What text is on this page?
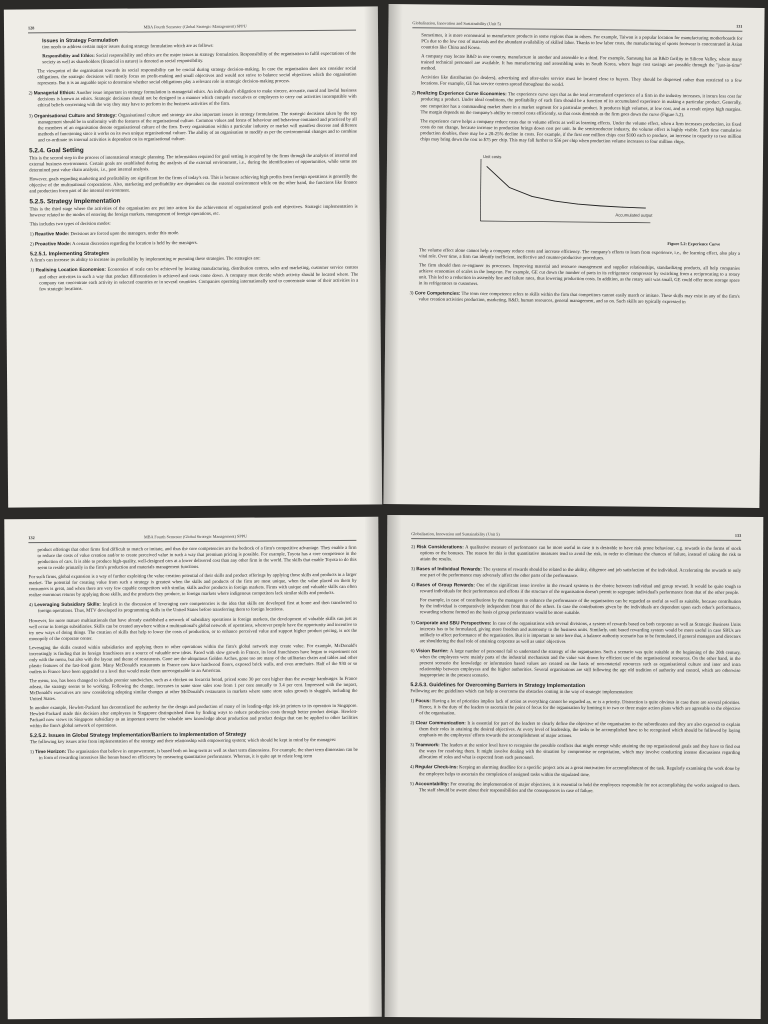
128	MBA Fourth Semester (Global Strategic Management) SPPU
Issues in Strategy Formulation

tion needs to address certain major issues during strategy formulation which are as follows:

Responsibility and Ethics: Social responsibility and ethics are the major issues in strategy formulation. Responsibility of the organisation to fulfil expectations of the society as well as shareholders (financial in nature) is denoted as social responsibility.

The viewpoint of the organisation towards its social responsibility can be crucial during strategy decision-making. In case the organisation does not consider social obligations, the strategic decisions will mostly focus on profit-making and small objectives and would not strive to balance social objectives which the organisation represents. But it is an arguable topic to determine whether social obligations play a relevant role in strategic decision-making process.

2) Managerial Ethics: Another issue important in strategy formulation is managerial ethics. An individual's obligation to make sincere, accurate, moral and lawful business decisions is known as ethics. Strategic decisions should not be designed in a manner which compels executives or employees to carry out activities incompatible with ethical beliefs concerning with the way they may have to perform in the business activities of the firm.

3) Organisational Culture and Strategy: Organisational culture and strategy are also important issues in strategy formulation. The strategic decisions taken by the top management should be in uniformity with the features of the organisational culture. Common values and forms of behaviour and behaviour contained and practiced by all the members of an organisation denote organisational culture of the firm. Every organisation within a particular industry or market will manifest discrete and different methods of functioning since it works on its own unique organisational culture. The ability of an organisation to modify as per the environmental changes and to combine and co-ordinate its internal activities is dependent on its organisational culture.

5.2.4. Goal Setting

This is the second step in the process of international strategic planning. The information required for goal setting is acquired by the firms through the analysis of internal and external business environment. Certain goals are established during the analysis of the external environment, i.e., during the identification of opportunities, while some are determined post value chain analysis, i.e., post internal analysis.

However, goals regarding marketing and profitability are significant for the firms of today's era. This is because achieving high profits from foreign operations is generally the objective of the multinational corporations. Also, marketing and profitability are dependent on the external environment while on the other hand, the functions like finance and production form part of the internal environment.

5.2.5. Strategy Implementation

This is the third stage where the activities of the organisation are put into action for the achievement of organisational goals and objectives. Strategic implementation is however related to the modes of entering the foreign markets, management of foreign operations, etc.

This includes two types of decision modes:

1) Reactive Mode: Decisions are forced upon the managers, under this mode.

2) Proactive Mode: A certain discretion regarding the location is held by the managers.

5.2.5.1. Implementing Strategies

A firm's can increase its ability to increase its profitability by implementing or pursuing these strategies. The strategies are:

1) Realising Location Economies: Economies of scale can be achieved by locating manufacturing, distribution centres, sales and marketing, customer service centres and other activities in such a way that product differentiation is achieved and costs come down. A company must decide which activity should be located where. The company can concentrate each activity in selected countries or in several countries. Companies operating internationally tend to concentrate some of their activities in a few strategic locations.

Globalisation, Innovation and Sustainability (Unit 5)	131

Sometimes, it is more economical to manufacture products in some regions than in others. For example, Taiwan is a popular location for manufacturing motherboards for PCs due to the low cost of materials and the abundant availability of skilled labor. Thanks to low labor costs, the manufacturing of sports footwear is concentrated in Asian countries like China and Korea.

A company may locate R&D in one country, manufacture in another and assemble in a third. For example, Samsung has an R&D facility in Silicon Valley, where many trained technical personnel are available. It has manufacturing and assembling units in South Korea, where huge cost savings are possible through the "just-in-time" method.

Activities like distribution (to dealers), advertising and after-sales service must be located close to buyers. They should be dispersed rather than restricted to a few locations. For example, GE has service centres spread throughout the world.

2) Realizing Experience Curve Economies: The experience curve says that as the total accumulated experience of a firm in the industry increases, it incurs less cost for producing a product. Under ideal conditions, the profitability of each firm should be a function of its accumulated experience in making a particular product. Generally, one competitor has a commanding market share in a market segment for a particular product. It produces high volumes, at low cost, and as a result enjoys high margins. The margin depends on the company's ability to control costs efficiently, so that costs diminish as the firm goes down the curve (Figure 5.2).

The experience curve helps a company reduce costs due to volume effects as well as learning effects. Under the volume effect, when a firm increases production, its fixed costs do not change, because increase in production brings down cost per unit. In the semiconductor industry, the volume effect is highly visible. Each time cumulative production doubles, there may be a 20-25% decline in costs. For example, if the first one million chips cost $100 each to produce, an increase in capacity to two million chips may bring down the cost to $75 per chip. This may fall further to $56 per chip when production volume increases to four million chips.

Unit costs
Accumulated output
Figure 5.2: Experience Curve

The volume effect alone cannot help a company reduce costs and increase efficiency. The company's efforts to learn from experience, i.e., the learning effect, also play a vital role. Over time, a firm can identify inefficient, ineffective and counter-productive procedures.

The firm should then re-engineer its processes. Improving material and resource management and supplier relationships, standardizing products, all help companies achieve economies of scales in the long-run. For example, GE cut down the number of parts in its refrigerator compressor by switching from a reciprocating to a rotary unit. This led to a reduction in assembly line and failure rates, thus lowering production costs. In addition, as the rotary unit was small, GE could offer more storage space in its refrigerators to customers.

3) Core Competencies: The term core competence refers to skills within the firm that competitors cannot easily match or imitate. These skills may exist in any of the firm's value creation activities production, marketing, R&D, human resources, general management, and so on. Such skills are typically expressed in

132	MBA Fourth Semester (Global Strategic Management) SPPU

product offerings that other firms find difficult to match or imitate, and thus the core competencies are the bedrock of a firm's competitive advantage. They enable a firm to reduce the costs of value creation and/or to create perceived value in such a way that premium pricing is possible. For example, Toyota has a core competence in the production of cars. It is able to produce high-quality, well-designed cars at a lower delivered cost than any other firm in the world. The skills that enable Toyota to do this seem to reside primarily in the firm's production and materials management functions.

For such firms, global expansion is a way of further exploiting the value creation potential of their skills and product offerings by applying those skills and products in a larger market. The potential for creating value from such a strategy is greatest when the skills and products of the firm are most unique, when the value placed on them by consumers is great, and when there are very few capable competitors with similar, skills and/or products in foreign markets. Firms with unique and valuable skills can often realize enormous returns by applying those skills, and the products they produce, to foreign markets where indigenous competitors lack similar skills and products.

4) Leveraging Subsidiary Skills: Implicit in the discussion of leveraging core competencies is the idea that skills are developed first at home and then transferred to foreign operations. Thus, MTV developed its programming skills in the United States before transferring them to foreign locations.

However, for more mature multinationals that have already established a network of subsidiary operations in foreign markets, the development of valuable skills can just as well occur in foreign subsidiaries. Skills can be created anywhere within a multinational's global network of operations, wherever people have the opportunity and incentive to try new ways of doing things. The creation of skills that help to lower the costs of production, or to enhance perceived value and support higher product pricing, is not the monopoly of the corporate center.

Leveraging the skills created within subsidiaries and applying them to other operations within the firm's global network may create value. For example, McDonald's increasingly is finding that its foreign franchisees are a source of valuable new ideas. Faced with slow growth in France, its local franchisees have begun to experiment not only with the menu, but also with the layout and theme of restaurants. Gone are the ubiquitous Golden Arches, gone too are many of the utilitarian chairs and tables and other plastic features of the fast-food giant. Many McDonald's restaurants in France now have hardwood floors, exposed brick walls, and even armchairs. Half of the 930 or so outlets in France have been upgraded to a level that would make them unrecognizable to an American.

The menu, too, has been changed to include premier sandwiches, such as a chicken on focaccia bread, priced some 30 per cent higher than the average hamburger. In France atleast, the strategy seems to be working. Following the change, increases in same store sales rose from 1 per cent annually to 3.4 per cent. Impressed with the impact, McDonald's executives are now considering adopting similar changes at other McDonald's restaurants in markets where same store sales growth is sluggish, including the United States.

In another example, Hewlett-Packard has decentralized the authority for the design and production of many of its leading-edge ink-jet printers to its operation in Singapore. Hewlett-Packard made this decision after employees in Singapore distinguished them by finding ways to reduce production costs through better product design. Hewlett-Packard now views its Singapore subsidiary as an important source for valuable new knowledge about production and product design that can be applied to other facilities within the firm's global network of operations.

5.2.5.2. Issues in Global Strategy Implementation/Barriers to Implementation of Strategy

The following key issues arise from implementation of the strategy and their relationship with empowering system; which should be kept in mind by the managers:

1) Time Horizon: The organisation that believe in empowerment, is based both on long-term as well as short term dimensions. For example, the short term dimension can be in form of rewarding incentives like bonus based on efficiency by measuring quantitative performance. Whereas, it is quite apt to relate long term

Globalisation, Innovation and Sustainability (Unit 5)	133

2) Risk Considerations: A qualitative measure of performance can be more useful in case it is desirable to have risk prone behaviour, e.g. rewards in the forms of stock options or the bonuses. The reason for this is that quantitative measures tend to avoid the risk, in order to eliminate the chances of failure, instead of taking the risk to attain the results.

3) Bases of Individual Rewards: The systems of rewards should be related to the ability, diligence and job satisfaction of the individual. Accelerating the rewards to only one part of the performance may adversely affect the other parts of the performance.

4) Bases of Group Rewards: One of the significant issue involve in the reward systems is the choice between individual and group reward. It would be quite tough to reward individuals for their performances and efforts if the structure of the organisation doesn't permit to segregate individual's performance from that of the other people.

For example, in case of contributions by the managers to enhance the performance of the organisation can be regarded as useful as well as suitable, because contribution by the individual is comparatively independent from that of the others. In case the contributions given by the individuals are dependent upon each other's performance, rewarding scheme formed on the basis of group performance would be more suitable.

5) Corporate and SBU Perspectives: In case of the organisations with several divisions, a system of rewards based on both corporate as well as Strategic Business Units interests has to be formulated, giving more freedom and autonomy to the business units. Similarly, unit based rewarding system would be more useful in case SBUs are unlikely to affect performance of the organisation. But it is important to note here that, a balance authority scenario has to be formulated, if general managers and directors are shouldering the dual role of attaining corporate as well as units' objectives

6) Vision Barrier: A large number of personnel fail to understand the strategy of the organisation. Such a scenario was quite suitable at the beginning of the 20th century, when the employees were mainly parts of the industrial mechanism and the value was drawn by efficient use of the organisational resources. On the other hand, in the present scenario the knowledge or information based values are created on the basis of non-material resources such as organisational culture and inter and intra relationship between employees and the higher authorities. Several organisations are still following the age old tradition of authority and control, which are otherwise inappropriate in the present scenario.

5.2.5.3. Guidelines for Overcoming Barriers in Strategy Implementation

Following are the guidelines which can help to overcome the obstacles coming in the way of strategic implementation:

1) Focus: Having a lot of priorities implies lack of action as everything cannot be regarded as, or is a priority. Distraction is quite obvious in case there are several priorities. Hence, it is the duty of the leaders to ascertain the point of focus for the organisation by limiting it to two or three major action plans which are agreeable to the objective of the organisation.

2) Clear Communication: It is essential for part of the leaders to clearly define the objective of the organisation to the subordinates and they are also expected to explain them their roles in attaining the desired objectives. At every level of leadership, the tasks to be accomplished have to be recognised which should be followed by laying emphasis on the employees' efforts towards the accomplishment of major actions.

3) Teamwork: The leaders at the senior level have to recognise the possible conflicts that might emerge while attaining the top organisational goals and they have to find out the ways for resolving them. It might involve dealing with the situation by compromise or negotiation, which may involve conducting intense discussions regarding allocation of roles and what is expected from each personnel.

4) Regular Check-ins: Keeping an alarming deadline for a specific project acts as a great motivation for accomplishment of the task. Regularly examining the work done by the employee helps to ascertain the completion of assigned tasks within the stipulated time.

5) Accountability: For ensuring the implementation of major objectives, it is essential to hold the employees responsible for not accomplishing the works assigned to them. The staff should be aware about their responsibilities and the consequences in case of failure.
